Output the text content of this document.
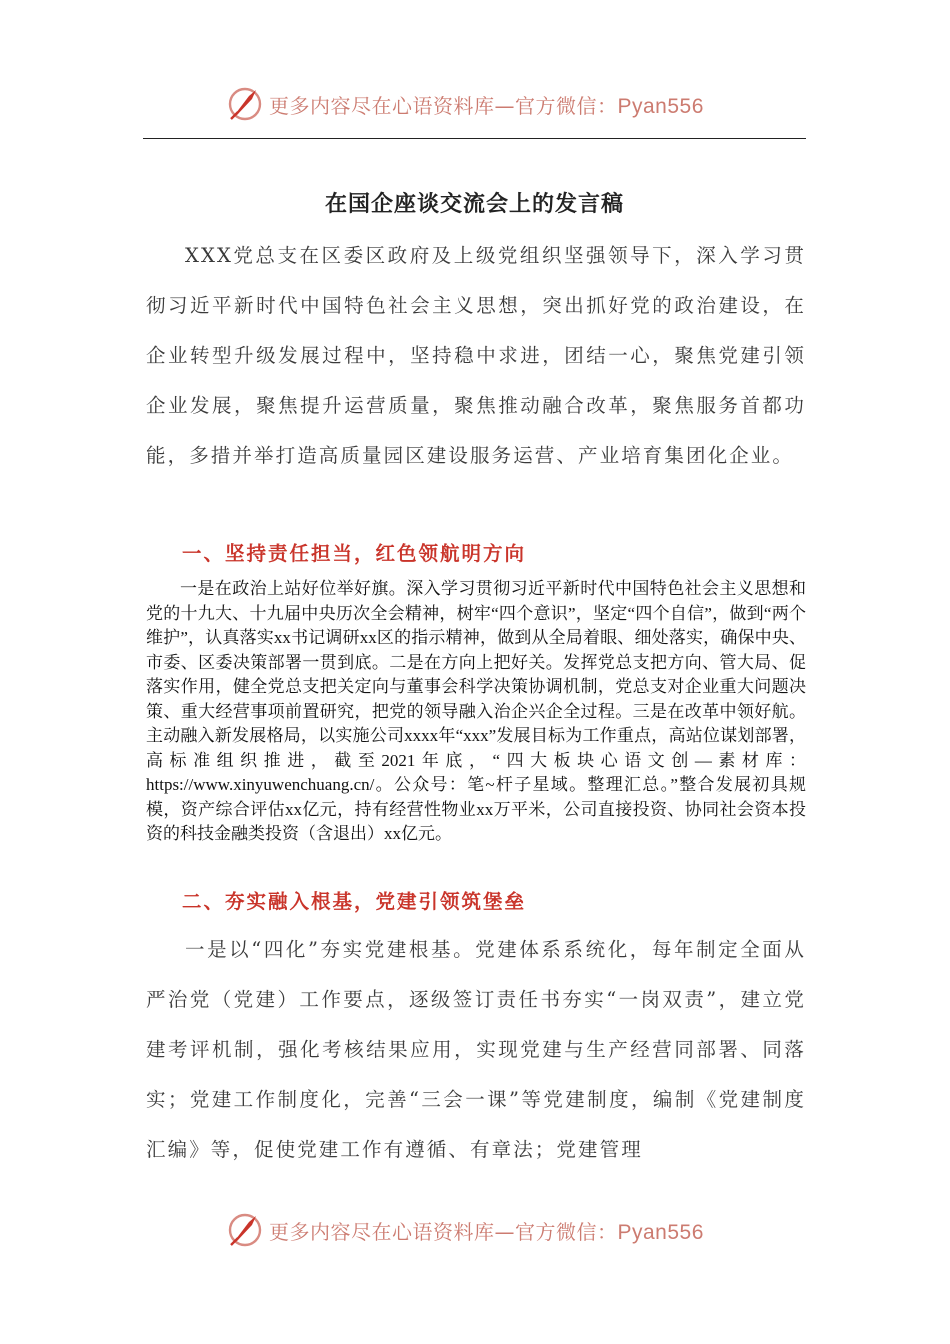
更多内容尽在心语资料库—官方微信：Pyan556
在国企座谈交流会上的发言稿

XXX党总支在区委区政府及上级党组织坚强领导下，深入学习贯彻习近平新时代中国特色社会主义思想，突出抓好党的政治建设，在企业转型升级发展过程中，坚持稳中求进，团结一心，聚焦党建引领企业发展，聚焦提升运营质量，聚焦推动融合改革，聚焦服务首都功能，多措并举打造高质量园区建设服务运营、产业培育集团化企业。

一、坚持责任担当，红色领航明方向

一是在政治上站好位举好旗。深入学习贯彻习近平新时代中国特色社会主义思想和党的十九大、十九届中央历次全会精神，树牢“四个意识”，坚定“四个自信”，做到“两个维护”，认真落实xx书记调研xx区的指示精神，做到从全局着眼、细处落实，确保中央、市委、区委决策部署一贯到底。二是在方向上把好关。发挥党总支把方向、管大局、促落实作用，健全党总支把关定向与董事会科学决策协调机制，党总支对企业重大问题决策、重大经营事项前置研究，把党的领导融入治企兴企全过程。三是在改革中领好航。主动融入新发展格局，以实施公司xxxx年“xxx”发展目标为工作重点，高站位谋划部署，高标准组织推进，截至2021年底，“四大板块心语文创—素材库：https://www.xinyuwenchuang.cn/。公众号：笔~杆子星域。整理汇总。”整合发展初具规模，资产综合评估xx亿元，持有经营性物业xx万平米，公司直接投资、协同社会资本投资的科技金融类投资（含退出）xx亿元。

二、夯实融入根基，党建引领筑堡垒

一是以“四化”夯实党建根基。党建体系系统化，每年制定全面从严治党（党建）工作要点，逐级签订责任书夯实“一岗双责”，建立党建考评机制，强化考核结果应用，实现党建与生产经营同部署、同落实；党建工作制度化，完善“三会一课”等党建制度，编制《党建制度汇编》等，促使党建工作有遵循、有章法；党建管理

更多内容尽在心语资料库—官方微信：Pyan556
